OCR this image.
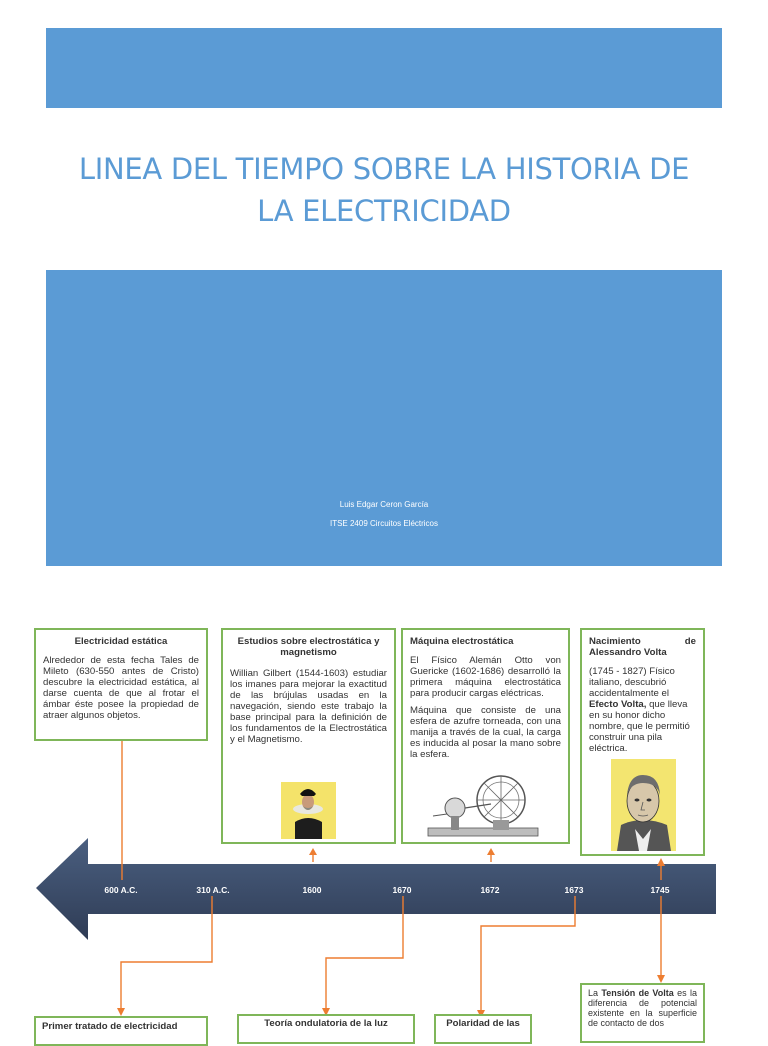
LINEA DEL TIEMPO SOBRE LA HISTORIA DE
LA ELECTRICIDAD
Luis Edgar Ceron García
ITSE 2409 Circuitos Eléctricos
600 A.C.	310 A.C.	1600	1670	1672	1673	1745
Electricidad estática

Alrededor de esta fecha Tales de Mileto (630-550 antes de Cristo) descubre la electricidad estática, al darse cuenta de que al frotar el ámbar éste posee la propiedad de atraer algunos objetos.

Estudios sobre electrostática y magnetismo

Willian Gilbert (1544-1603) estudiar los imanes para mejorar la exactitud de las brújulas usadas en la navegación, siendo este trabajo la base principal para la definición de los fundamentos de la Electrostática y el Magnetismo.

Máquina electrostática

El Físico Alemán Otto von Guericke (1602-1686) desarrolló la primera máquina electrostática para producir cargas eléctricas.

Máquina que consiste de una esfera de azufre torneada, con una manija a través de la cual, la carga es inducida al posar la mano sobre la esfera.

Nacimiento	de
Alessandro Volta

(1745 - 1827) Físico italiano, descubrió accidentalmente el Efecto Volta, que lleva en su honor dicho nombre, que le permitió construir una pila eléctrica.

Primer tratado de electricidad	Teoría ondulatoria de la luz	Polaridad de las

La Tensión de Volta es la diferencia de potencial existente en la superficie de contacto de dos
